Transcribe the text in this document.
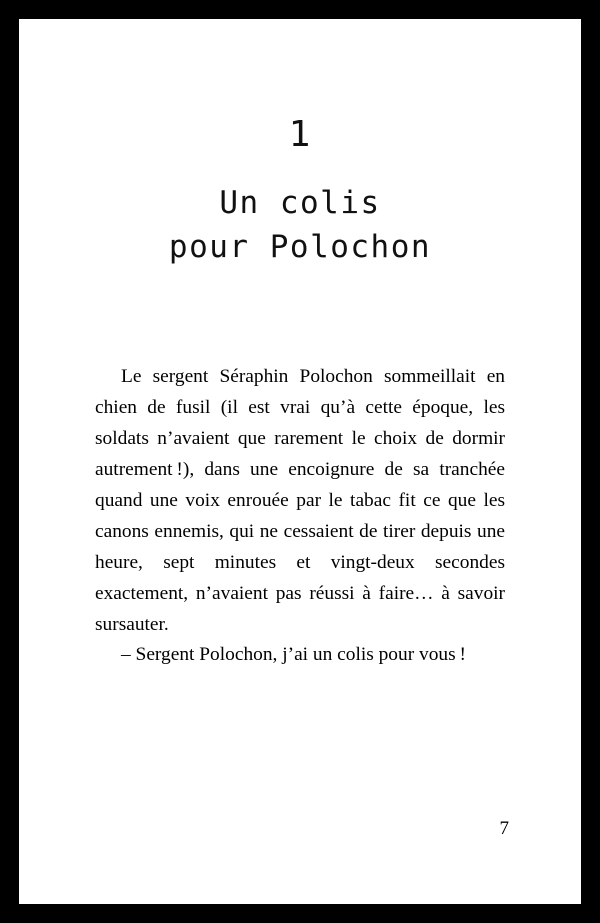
1
Un colis
pour Polochon

Le sergent Séraphin Polochon sommeillait en chien de fusil (il est vrai qu’à cette époque, les soldats n’avaient que rarement le choix de dormir autrement !), dans une encoignure de sa tranchée quand une voix enrouée par le tabac fit ce que les canons ennemis, qui ne cessaient de tirer depuis une heure, sept minutes et vingt-deux secondes exactement, n’avaient pas réussi à faire… à savoir sursauter.

– Sergent Polochon, j’ai un colis pour vous !

7
